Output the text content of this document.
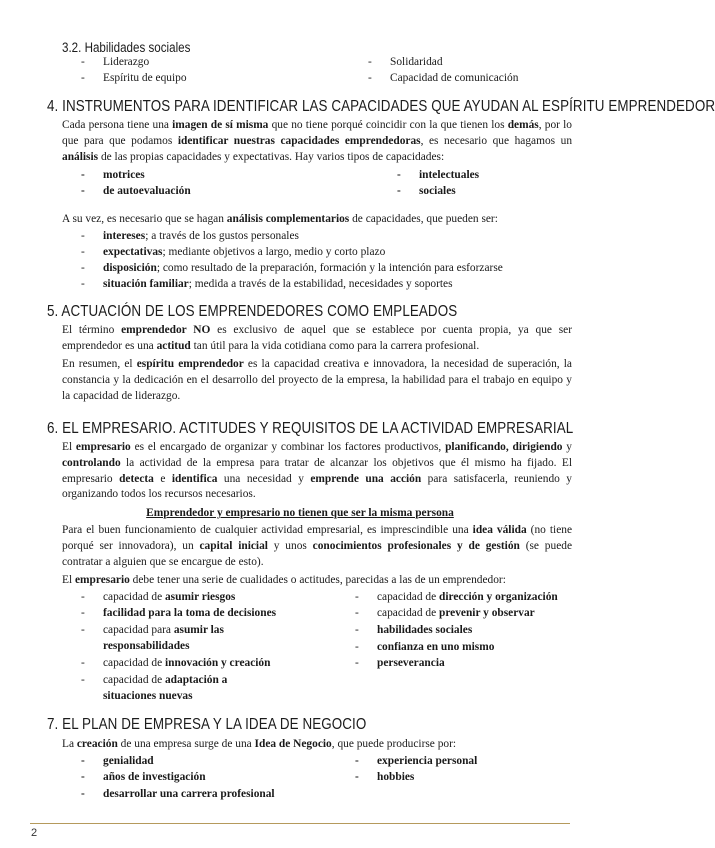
3.2. Habilidades sociales
- Liderazgo
- Espíritu de equipo
- Solidaridad
- Capacidad de comunicación
4. INSTRUMENTOS PARA IDENTIFICAR LAS CAPACIDADES QUE AYUDAN AL ESPÍRITU EMPRENDEDOR
Cada persona tiene una imagen de sí misma que no tiene porqué coincidir con la que tienen los demás, por lo que para que podamos identificar nuestras capacidades emprendedoras, es necesario que hagamos un análisis de las propias capacidades y expectativas. Hay varios tipos de capacidades:
- motrices
- de autoevaluación
- intelectuales
- sociales
A su vez, es necesario que se hagan análisis complementarios de capacidades, que pueden ser:
- intereses; a través de los gustos personales
- expectativas; mediante objetivos a largo, medio y corto plazo
- disposición; como resultado de la preparación, formación y la intención para esforzarse
- situación familiar; medida a través de la estabilidad, necesidades y soportes
5. ACTUACIÓN DE LOS EMPRENDEDORES COMO EMPLEADOS
El término emprendedor NO es exclusivo de aquel que se establece por cuenta propia, ya que ser emprendedor es una actitud tan útil para la vida cotidiana como para la carrera profesional.
En resumen, el espíritu emprendedor es la capacidad creativa e innovadora, la necesidad de superación, la constancia y la dedicación en el desarrollo del proyecto de la empresa, la habilidad para el trabajo en equipo y la capacidad de liderazgo.
6. EL EMPRESARIO. ACTITUDES Y REQUISITOS DE LA ACTIVIDAD EMPRESARIAL
El empresario es el encargado de organizar y combinar los factores productivos, planificando, dirigiendo y controlando la actividad de la empresa para tratar de alcanzar los objetivos que él mismo ha fijado. El empresario detecta e identifica una necesidad y emprende una acción para satisfacerla, reuniendo y organizando todos los recursos necesarios.
Emprendedor y empresario no tienen que ser la misma persona
Para el buen funcionamiento de cualquier actividad empresarial, es imprescindible una idea válida (no tiene porqué ser innovadora), un capital inicial y unos conocimientos profesionales y de gestión (se puede contratar a alguien que se encargue de esto).
El empresario debe tener una serie de cualidades o actitudes, parecidas a las de un emprendedor:
- capacidad de asumir riesgos
- facilidad para la toma de decisiones
- capacidad para asumir las responsabilidades
- capacidad de innovación y creación
- capacidad de adaptación a situaciones nuevas
- capacidad de dirección y organización
- capacidad de prevenir y observar
- habilidades sociales
- confianza en uno mismo
- perseverancia
7. EL PLAN DE EMPRESA Y LA IDEA DE NEGOCIO
La creación de una empresa surge de una Idea de Negocio, que puede producirse por:
- genialidad
- años de investigación
- desarrollar una carrera profesional
- experiencia personal
- hobbies
2
